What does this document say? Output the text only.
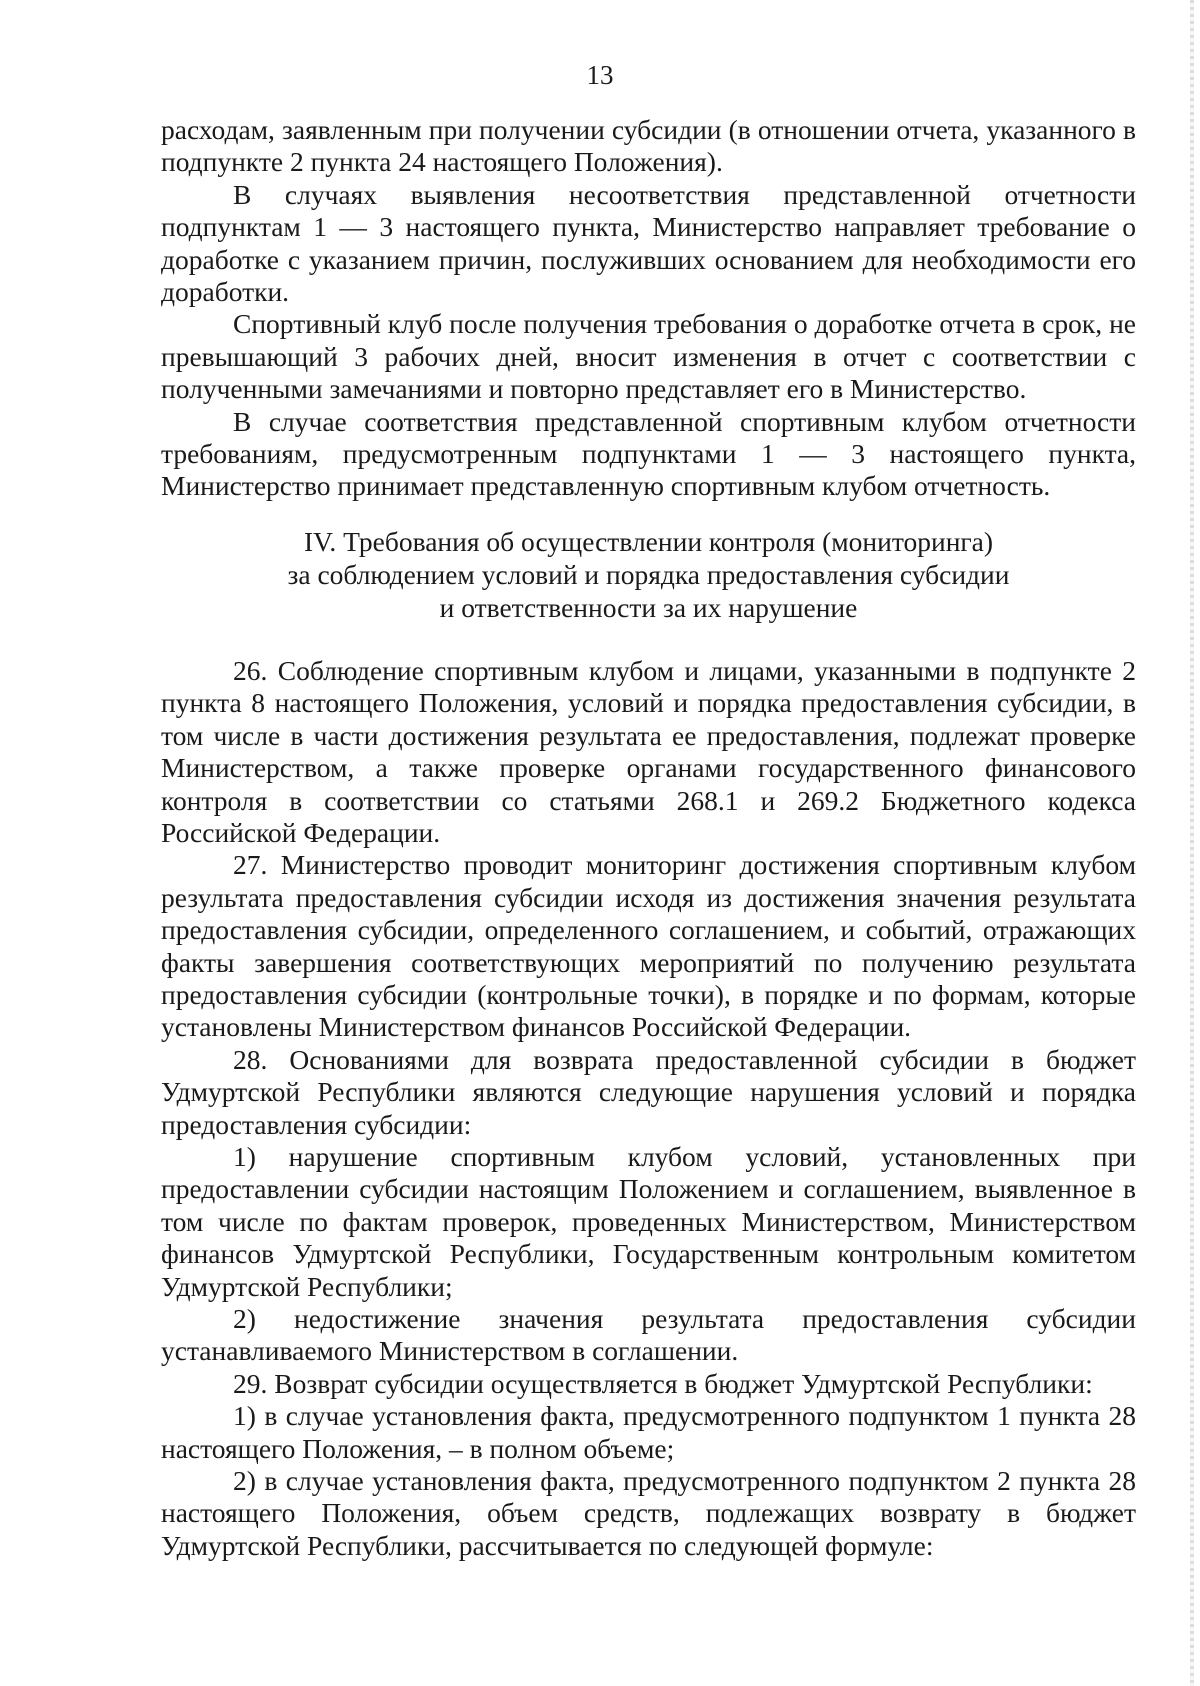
13

расходам, заявленным при получении субсидии (в отношении отчета, указанного в подпункте 2 пункта 24 настоящего Положения).

В случаях выявления несоответствия представленной отчетности подпунктам 1 — 3 настоящего пункта, Министерство направляет требование о доработке с указанием причин, послуживших основанием для необходимости его доработки.

Спортивный клуб после получения требования о доработке отчета в срок, не превышающий 3 рабочих дней, вносит изменения в отчет с соответствии с полученными замечаниями и повторно представляет его в Министерство.

В случае соответствия представленной спортивным клубом отчетности требованиям, предусмотренным подпунктами 1 — 3 настоящего пункта, Министерство принимает представленную спортивным клубом отчетность.

IV. Требования об осуществлении контроля (мониторинга)
за соблюдением условий и порядка предоставления субсидии
и ответственности за их нарушение

26. Соблюдение спортивным клубом и лицами, указанными в подпункте 2 пункта 8 настоящего Положения, условий и порядка предоставления субсидии, в том числе в части достижения результата ее предоставления, подлежат проверке Министерством, а также проверке органами государственного финансового контроля в соответствии со статьями 268.1 и 269.2 Бюджетного кодекса Российской Федерации.

27. Министерство проводит мониторинг достижения спортивным клубом результата предоставления субсидии исходя из достижения значения результата предоставления субсидии, определенного соглашением, и событий, отражающих факты завершения соответствующих мероприятий по получению результата предоставления субсидии (контрольные точки), в порядке и по формам, которые установлены Министерством финансов Российской Федерации.

28. Основаниями для возврата предоставленной субсидии в бюджет Удмуртской Республики являются следующие нарушения условий и порядка предоставления субсидии:

1) нарушение спортивным клубом условий, установленных при предоставлении субсидии настоящим Положением и соглашением, выявленное в том числе по фактам проверок, проведенных Министерством, Министерством финансов Удмуртской Республики, Государственным контрольным комитетом Удмуртской Республики;

2) недостижение значения результата предоставления субсидии устанавливаемого Министерством в соглашении.

29. Возврат субсидии осуществляется в бюджет Удмуртской Республики:

1) в случае установления факта, предусмотренного подпунктом 1 пункта 28 настоящего Положения, – в полном объеме;

2) в случае установления факта, предусмотренного подпунктом 2 пункта 28 настоящего Положения, объем средств, подлежащих возврату в бюджет Удмуртской Республики, рассчитывается по следующей формуле:
